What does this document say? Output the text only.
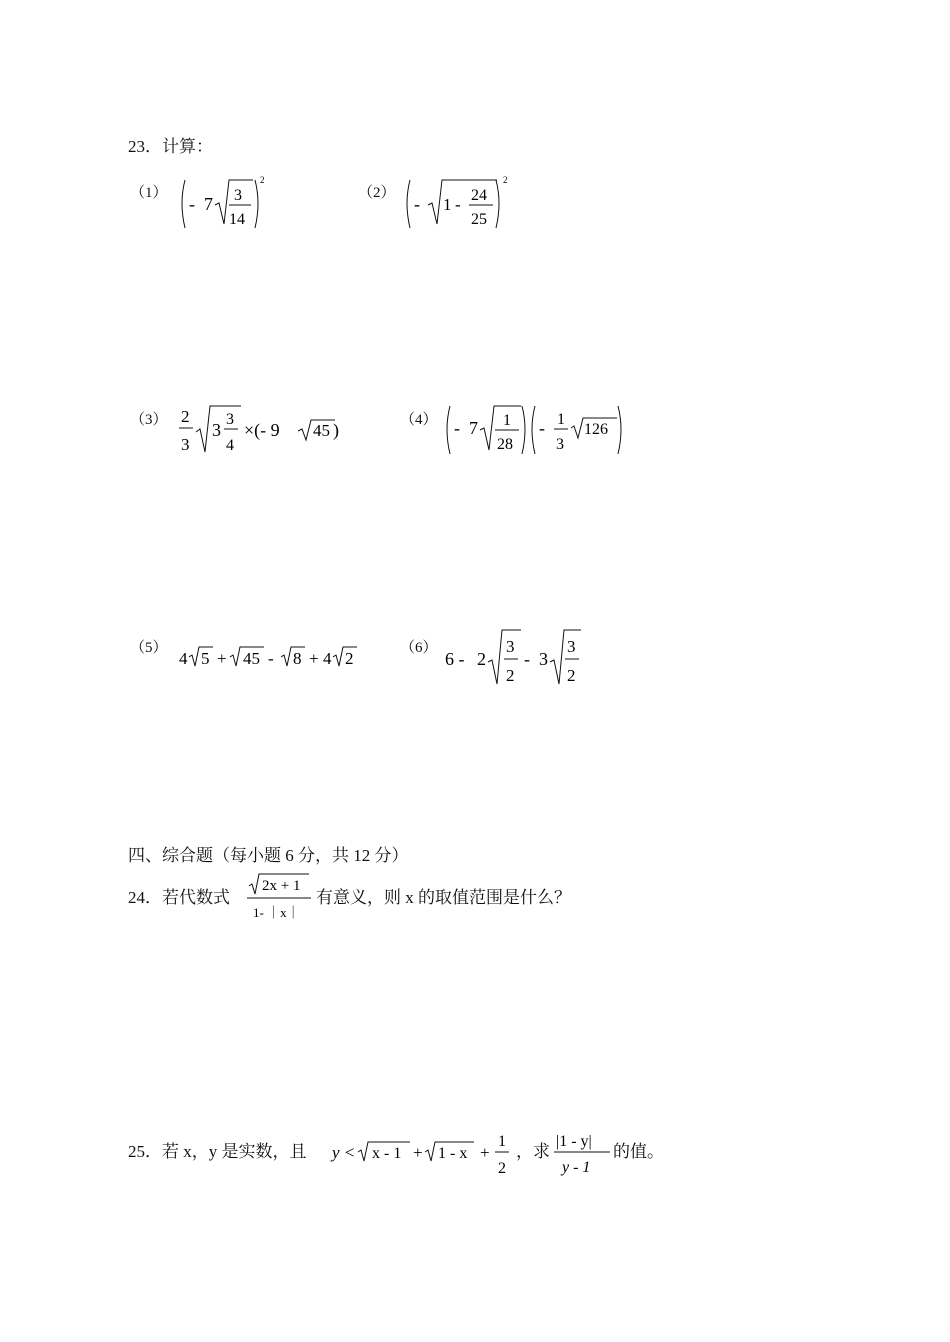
23．计算：
（1）
- 7 3
14
2
（2）
- 1 - 24
25
2
（3） 2
3
3
3
4
×(- 9 45 )	（4） - 7 1
28
- 1
3
126
（5）
4 5 + 45 - 8 + 4 2
（6）
6 - 2
3
2
- 3
3
2
四、综合题（每小题 6 分，共 12 分）
24．若代数式
2x + 1
1- ｜x｜
有意义，则 x 的取值范围是什么？
25．若 x，y 是实数，且 y < x - 1 + 1 - x +
1
2
，求
|1 - y|
y - 1
的值。
